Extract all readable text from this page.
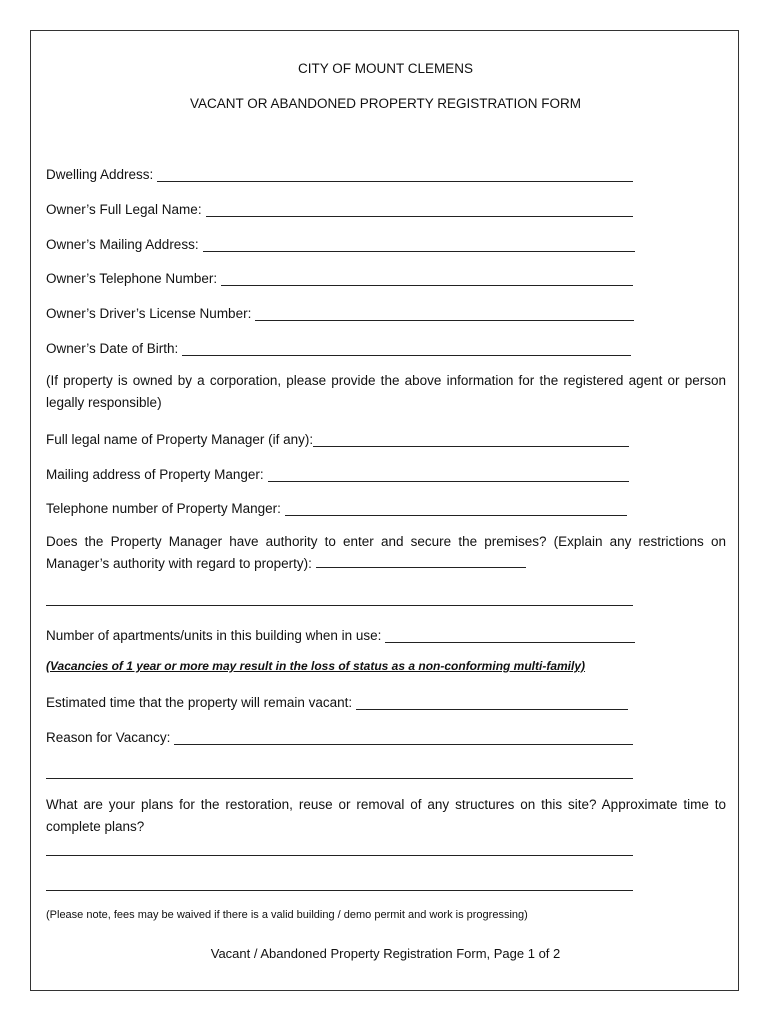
CITY OF MOUNT CLEMENS
VACANT OR ABANDONED PROPERTY REGISTRATION FORM
Dwelling Address:
Owner’s Full Legal Name:
Owner’s Mailing Address:
Owner’s Telephone Number:
Owner’s Driver’s License Number:
Owner’s Date of Birth:
(If property is owned by a corporation, please provide the above information for the registered agent or person legally responsible)
Full legal name of Property Manager (if any):
Mailing address of Property Manger:
Telephone number of Property Manger:
Does the Property Manager have authority to enter and secure the premises? (Explain any restrictions on Manager’s authority with regard to property):
Number of apartments/units in this building when in use:
(Vacancies of 1 year or more may result in the loss of status as a non-conforming multi-family)
Estimated time that the property will remain vacant:
Reason for Vacancy:
What are your plans for the restoration, reuse or removal of any structures on this site? Approximate time to complete plans?
(Please note, fees may be waived if there is a valid building / demo permit and work is progressing)
Vacant / Abandoned Property Registration Form, Page 1 of 2
